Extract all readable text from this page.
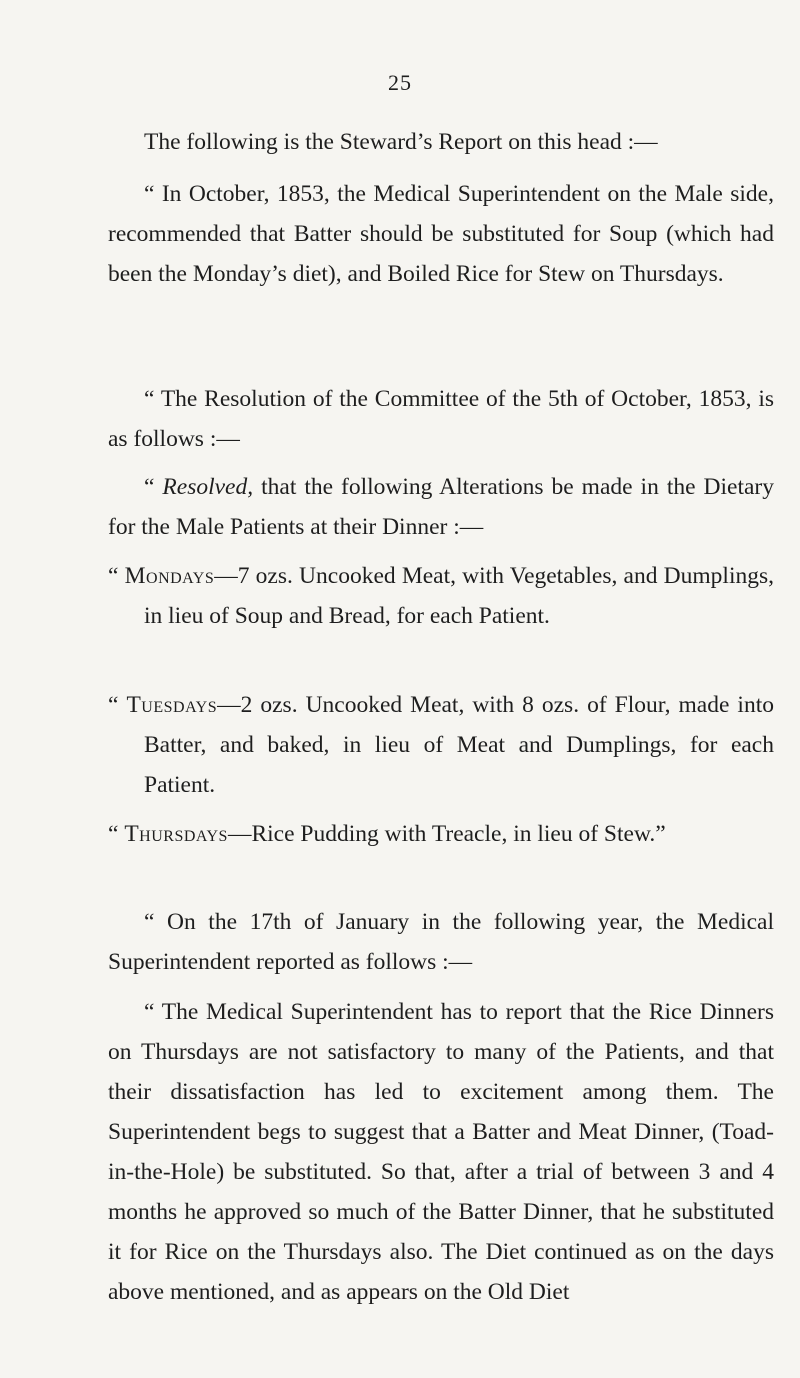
25

The following is the Steward’s Report on this head :—

“ In October, 1853, the Medical Superintendent on the Male side, recommended that Batter should be substituted for Soup (which had been the Monday’s diet), and Boiled Rice for Stew on Thursdays.

“ The Resolution of the Committee of the 5th of October, 1853, is as follows :—

“ Resolved, that the following Alterations be made in the Dietary for the Male Patients at their Dinner :—

“ Mondays—7 ozs. Uncooked Meat, with Vegetables, and Dumplings, in lieu of Soup and Bread, for each Patient.

“ Tuesdays—2 ozs. Uncooked Meat, with 8 ozs. of Flour, made into Batter, and baked, in lieu of Meat and Dumplings, for each Patient.

“ Thursdays—Rice Pudding with Treacle, in lieu of Stew.”

“ On the 17th of January in the following year, the Medical Superintendent reported as follows :—

“ The Medical Superintendent has to report that the Rice Dinners on Thursdays are not satisfactory to many of the Patients, and that their dissatisfaction has led to excitement among them. The Superintendent begs to suggest that a Batter and Meat Dinner, (Toad-in-the-Hole) be substituted. So that, after a trial of between 3 and 4 months he approved so much of the Batter Dinner, that he substituted it for Rice on the Thursdays also. The Diet continued as on the days above mentioned, and as appears on the Old Diet
